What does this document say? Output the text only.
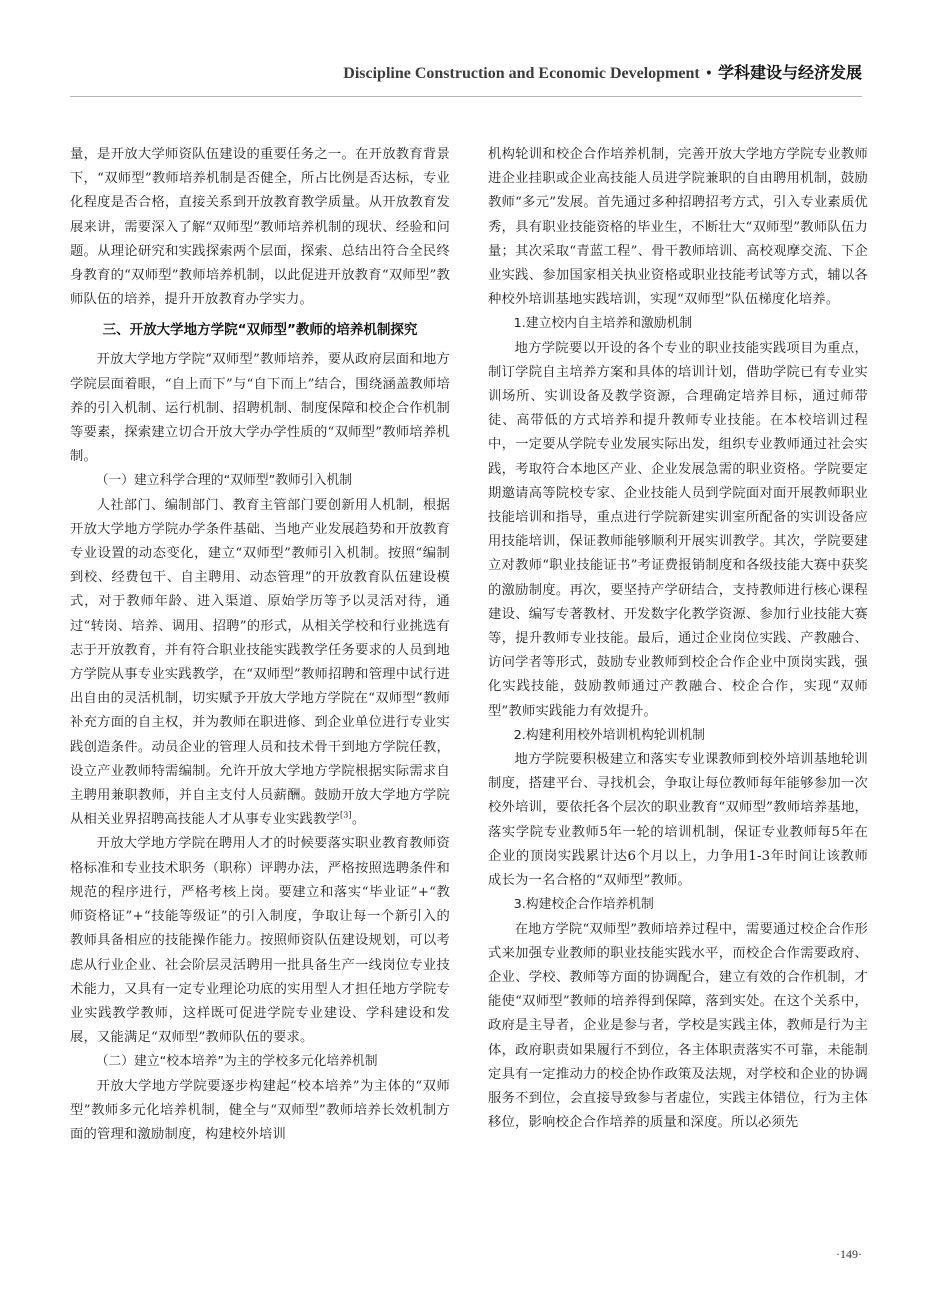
Discipline Construction and Economic Development • 学科建设与经济发展

量，是开放大学师资队伍建设的重要任务之一。在开放教育背景下，“双师型”教师培养机制是否健全，所占比例是否达标，专业化程度是否合格，直接关系到开放教育教学质量。从开放教育发展来讲，需要深入了解“双师型”教师培养机制的现状、经验和问题。从理论研究和实践探索两个层面，探索、总结出符合全民终身教育的“双师型”教师培养机制，以此促进开放教育“双师型”教师队伍的培养，提升开放教育办学实力。

三、开放大学地方学院“双师型”教师的培养机制探究

开放大学地方学院“双师型”教师培养，要从政府层面和地方学院层面着眼，“自上而下”与“自下而上”结合，围绕涵盖教师培养的引入机制、运行机制、招聘机制、制度保障和校企合作机制等要素，探索建立切合开放大学办学性质的“双师型”教师培养机制。

（一）建立科学合理的“双师型”教师引入机制

人社部门、编制部门、教育主管部门要创新用人机制，根据开放大学地方学院办学条件基础、当地产业发展趋势和开放教育专业设置的动态变化，建立“双师型”教师引入机制。按照“编制到校、经费包干、自主聘用、动态管理”的开放教育队伍建设模式，对于教师年龄、进入渠道、原始学历等予以灵活对待，通过“转岗、培养、调用、招聘”的形式，从相关学校和行业挑选有志于开放教育，并有符合职业技能实践教学任务要求的人员到地方学院从事专业实践教学，在“双师型”教师招聘和管理中试行进出自由的灵活机制，切实赋予开放大学地方学院在“双师型”教师补充方面的自主权，并为教师在职进修、到企业单位进行专业实践创造条件。动员企业的管理人员和技术骨干到地方学院任教，设立产业教师特需编制。允许开放大学地方学院根据实际需求自主聘用兼职教师，并自主支付人员薪酬。鼓励开放大学地方学院从相关业界招聘高技能人才从事专业实践教学[3]。

开放大学地方学院在聘用人才的时候要落实职业教育教师资格标准和专业技术职务（职称）评聘办法，严格按照选聘条件和规范的程序进行，严格考核上岗。要建立和落实“毕业证”+“教师资格证”+“技能等级证”的引入制度，争取让每一个新引入的教师具备相应的技能操作能力。按照师资队伍建设规划，可以考虑从行业企业、社会阶层灵活聘用一批具备生产一线岗位专业技术能力，又具有一定专业理论功底的实用型人才担任地方学院专业实践教学教师，这样既可促进学院专业建设、学科建设和发展，又能满足“双师型”教师队伍的要求。

（二）建立“校本培养”为主的学校多元化培养机制

开放大学地方学院要逐步构建起“校本培养”为主体的“双师型”教师多元化培养机制，健全与“双师型”教师培养长效机制方面的管理和激励制度，构建校外培训

机构轮训和校企合作培养机制，完善开放大学地方学院专业教师进企业挂职或企业高技能人员进学院兼职的自由聘用机制，鼓励教师“多元”发展。首先通过多种招聘招考方式，引入专业素质优秀，具有职业技能资格的毕业生，不断壮大“双师型”教师队伍力量；其次采取“青蓝工程”、骨干教师培训、高校观摩交流、下企业实践、参加国家相关执业资格或职业技能考试等方式，辅以各种校外培训基地实践培训，实现“双师型”队伍梯度化培养。

1.建立校内自主培养和激励机制

地方学院要以开设的各个专业的职业技能实践项目为重点，制订学院自主培养方案和具体的培训计划，借助学院已有专业实训场所、实训设备及教学资源，合理确定培养目标，通过师带徒、高带低的方式培养和提升教师专业技能。在本校培训过程中，一定要从学院专业发展实际出发，组织专业教师通过社会实践，考取符合本地区产业、企业发展急需的职业资格。学院要定期邀请高等院校专家、企业技能人员到学院面对面开展教师职业技能培训和指导，重点进行学院新建实训室所配备的实训设备应用技能培训，保证教师能够顺利开展实训教学。其次，学院要建立对教师“职业技能证书”考证费报销制度和各级技能大赛中获奖的激励制度。再次，要坚持产学研结合，支持教师进行核心课程建设、编写专著教材、开发数字化教学资源、参加行业技能大赛等，提升教师专业技能。最后，通过企业岗位实践、产教融合、访问学者等形式，鼓励专业教师到校企合作企业中顶岗实践，强化实践技能，鼓励教师通过产教融合、校企合作，实现“双师型”教师实践能力有效提升。

2.构建利用校外培训机构轮训机制

地方学院要积极建立和落实专业课教师到校外培训基地轮训制度，搭建平台、寻找机会，争取让每位教师每年能够参加一次校外培训，要依托各个层次的职业教育“双师型”教师培养基地，落实学院专业教师5年一轮的培训机制，保证专业教师每5年在企业的顶岗实践累计达6个月以上，力争用1-3年时间让该教师成长为一名合格的“双师型”教师。

3.构建校企合作培养机制

在地方学院“双师型”教师培养过程中，需要通过校企合作形式来加强专业教师的职业技能实践水平，而校企合作需要政府、企业、学校、教师等方面的协调配合，建立有效的合作机制，才能使“双师型”教师的培养得到保障，落到实处。在这个关系中，政府是主导者，企业是参与者，学校是实践主体，教师是行为主体，政府职责如果履行不到位，各主体职责落实不可靠，未能制定具有一定推动力的校企协作政策及法规，对学校和企业的协调服务不到位，会直接导致参与者虚位，实践主体错位，行为主体移位，影响校企合作培养的质量和深度。所以必须先

·149·
